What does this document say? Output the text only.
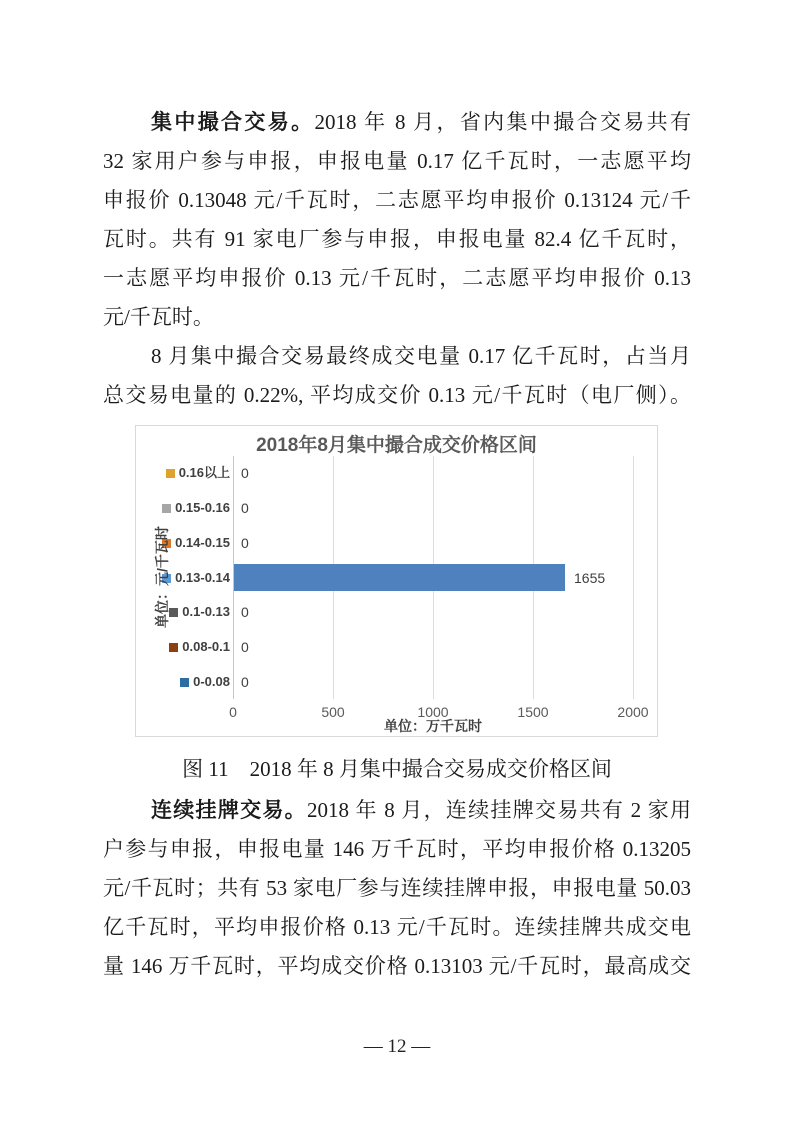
集中撮合交易。2018 年 8 月，省内集中撮合交易共有
32 家用户参与申报，申报电量 0.17 亿千瓦时，一志愿平均
申报价 0.13048 元/千瓦时，二志愿平均申报价 0.13124 元/千
瓦时。共有 91 家电厂参与申报，申报电量 82.4 亿千瓦时，
一志愿平均申报价 0.13 元/千瓦时，二志愿平均申报价 0.13
元/千瓦时。
8 月集中撮合交易最终成交电量 0.17 亿千瓦时，占当月
总交易电量的 0.22%, 平均成交价 0.13 元/千瓦时（电厂侧）。
2018年8月集中撮合成交价格区间
0	500	1000	1500	2000
0.16以上 0
0.15-0.16 0
0.14-0.15 0
0.13-0.14	1655
0.1-0.13 0
0.08-0.1 0
0-0.08 0
单位：万千瓦时
单位：元/千瓦时
图 11　2018 年 8 月集中撮合交易成交价格区间
连续挂牌交易。2018 年 8 月，连续挂牌交易共有 2 家用
户参与申报，申报电量 146 万千瓦时，平均申报价格 0.13205
元/千瓦时；共有 53 家电厂参与连续挂牌申报，申报电量 50.03
亿千瓦时，平均申报价格 0.13 元/千瓦时。连续挂牌共成交电
量 146 万千瓦时，平均成交价格 0.13103 元/千瓦时，最高成交
— 12 —
